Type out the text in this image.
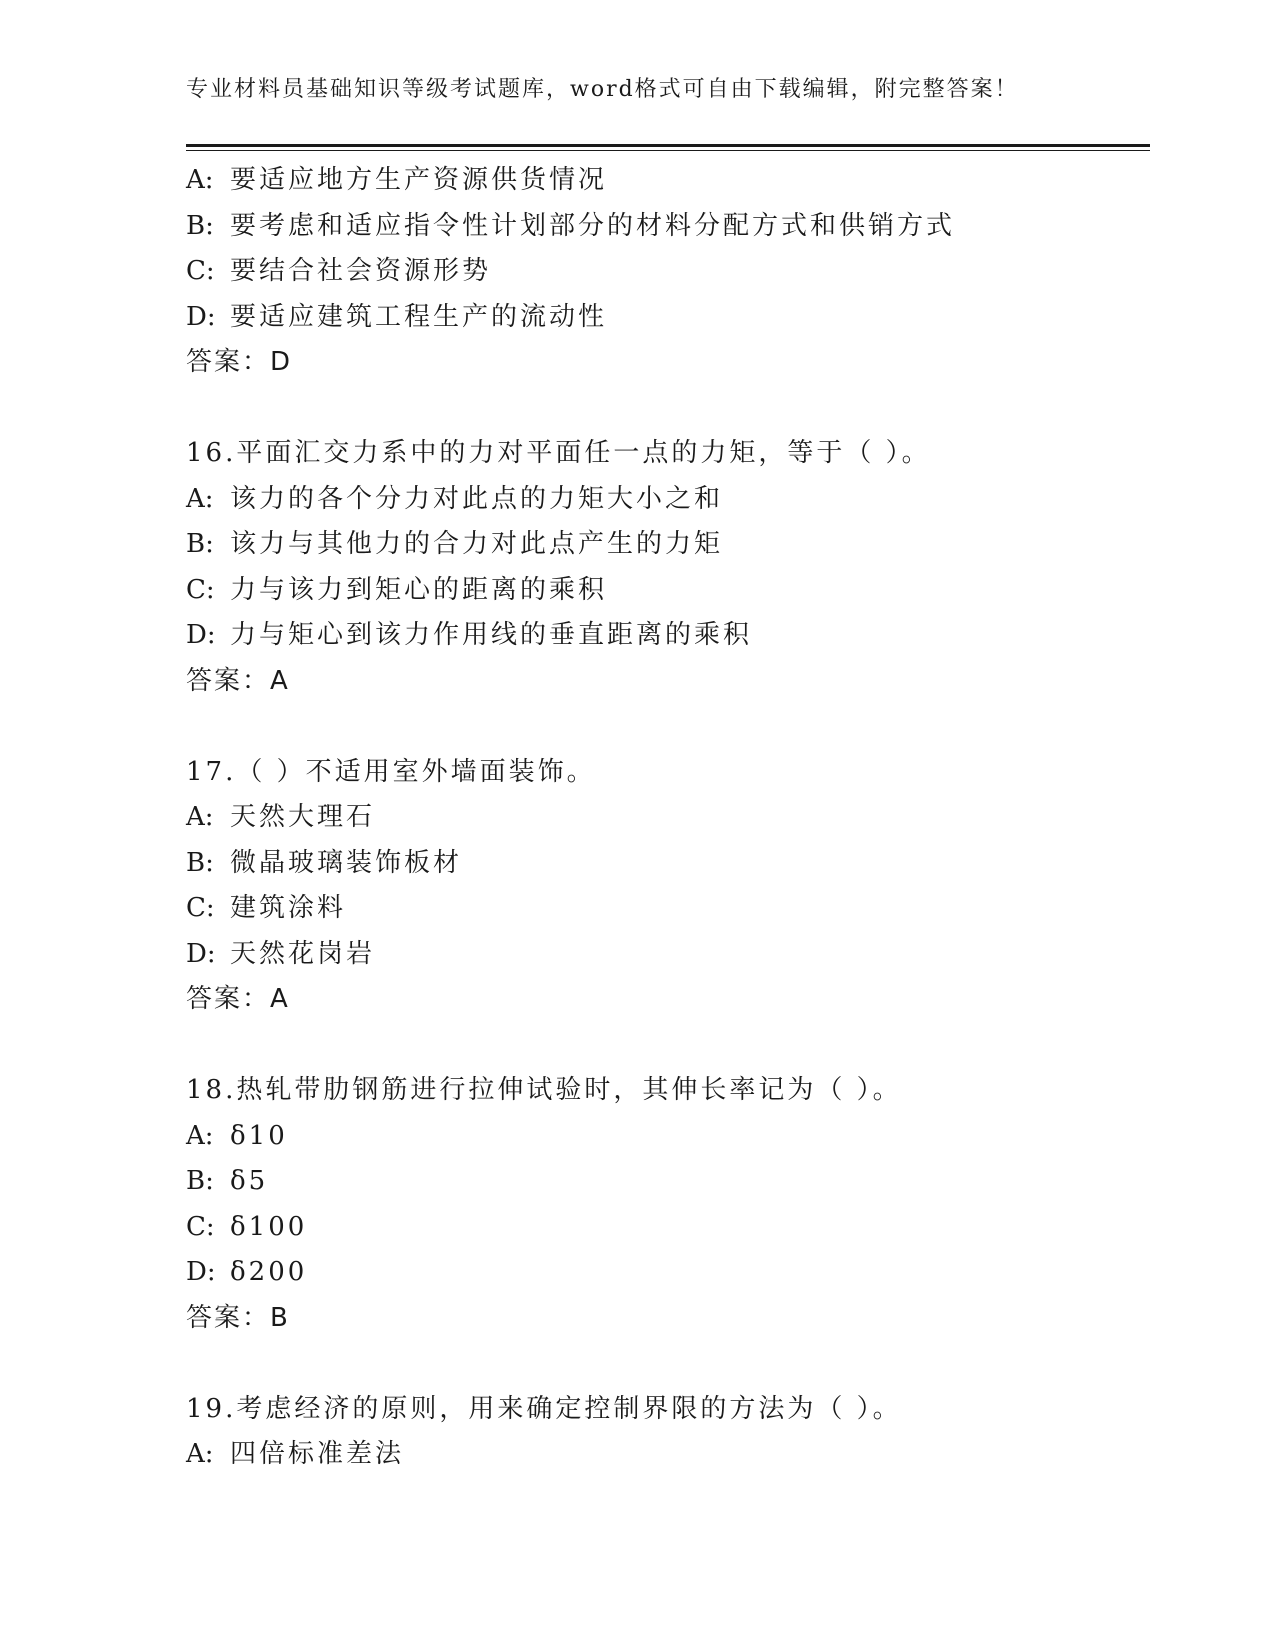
专业材料员基础知识等级考试题库，word格式可自由下载编辑，附完整答案！
A: 要适应地方生产资源供货情况
B: 要考虑和适应指令性计划部分的材料分配方式和供销方式
C: 要结合社会资源形势
D: 要适应建筑工程生产的流动性
答案：D
16.平面汇交力系中的力对平面任一点的力矩，等于（ ）。
A: 该力的各个分力对此点的力矩大小之和
B: 该力与其他力的合力对此点产生的力矩
C: 力与该力到矩心的距离的乘积
D: 力与矩心到该力作用线的垂直距离的乘积
答案：A
17.（ ）不适用室外墙面装饰。
A: 天然大理石
B: 微晶玻璃装饰板材
C: 建筑涂料
D: 天然花岗岩
答案：A
18.热轧带肋钢筋进行拉伸试验时，其伸长率记为（ ）。
A: δ10
B: δ5
C: δ100
D: δ200
答案：B
19.考虑经济的原则，用来确定控制界限的方法为（ ）。
A: 四倍标准差法
